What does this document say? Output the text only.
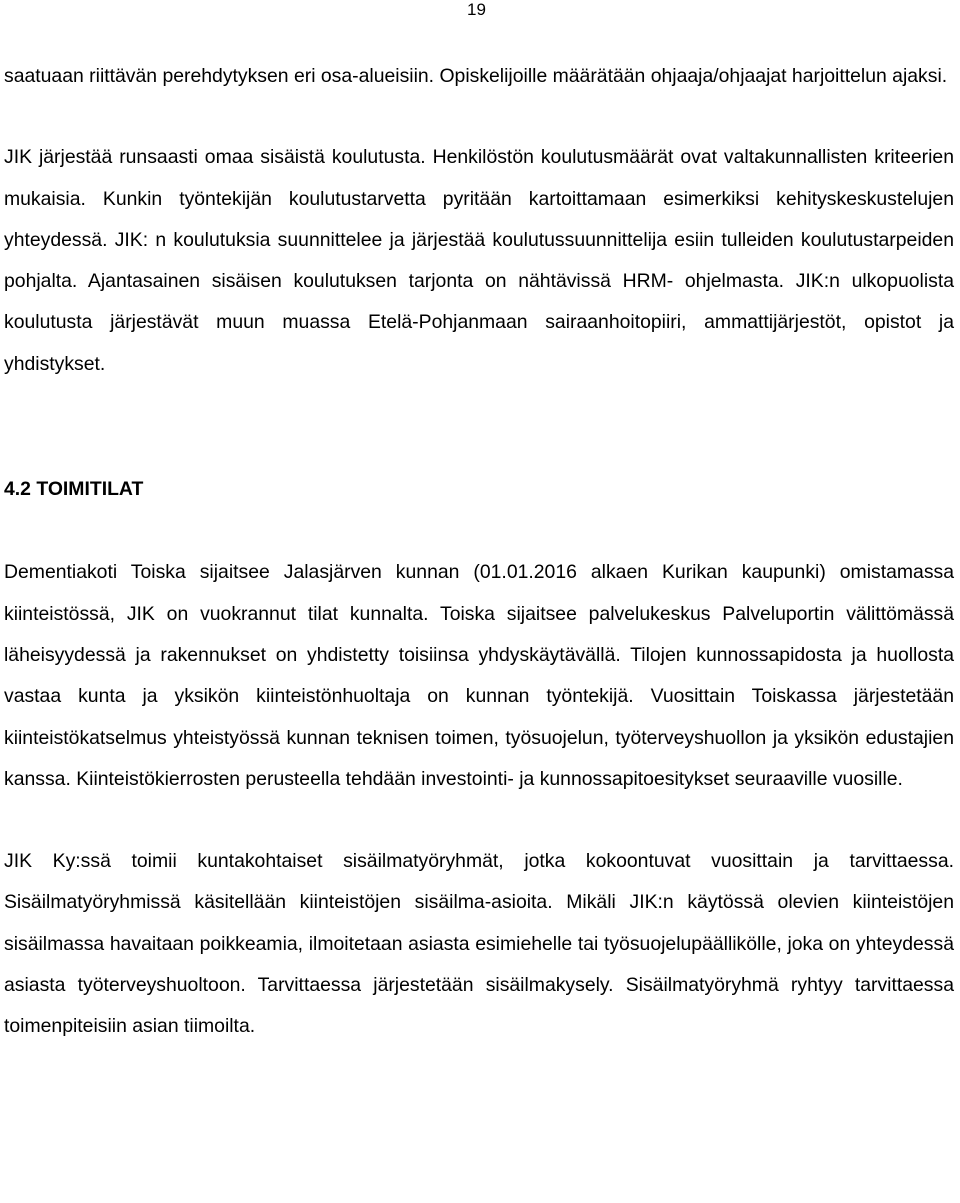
19

saatuaan riittävän perehdytyksen eri osa-alueisiin. Opiskelijoille määrätään ohjaaja/ohjaajat harjoittelun ajaksi.

JIK järjestää runsaasti omaa sisäistä koulutusta. Henkilöstön koulutusmäärät ovat valtakunnallisten kriteerien mukaisia. Kunkin työntekijän koulutustarvetta pyritään kartoittamaan esimerkiksi kehityskeskustelujen yhteydessä. JIK: n koulutuksia suunnittelee ja järjestää koulutussuunnittelija esiin tulleiden koulutustarpeiden pohjalta. Ajantasainen sisäisen koulutuksen tarjonta on nähtävissä HRM- ohjelmasta. JIK:n ulkopuolista koulutusta järjestävät muun muassa Etelä-Pohjanmaan sairaanhoitopiiri, ammattijärjestöt, opistot ja yhdistykset.

4.2 TOIMITILAT

Dementiakoti Toiska sijaitsee Jalasjärven kunnan (01.01.2016 alkaen Kurikan kaupunki) omistamassa kiinteistössä, JIK on vuokrannut tilat kunnalta. Toiska sijaitsee palvelukeskus Palveluportin välittömässä läheisyydessä ja rakennukset on yhdistetty toisiinsa yhdyskäytävällä. Tilojen kunnossapidosta ja huollosta vastaa kunta ja yksikön kiinteistönhuoltaja on kunnan työntekijä. Vuosittain Toiskassa järjestetään kiinteistökatselmus yhteistyössä kunnan teknisen toimen, työsuojelun, työterveyshuollon ja yksikön edustajien kanssa. Kiinteistökierrosten perusteella tehdään investointi- ja kunnossapitoesitykset seuraaville vuosille.

JIK Ky:ssä toimii kuntakohtaiset sisäilmatyöryhmät, jotka kokoontuvat vuosittain ja tarvittaessa. Sisäilmatyöryhmissä käsitellään kiinteistöjen sisäilma-asioita. Mikäli JIK:n käytössä olevien kiinteistöjen sisäilmassa havaitaan poikkeamia, ilmoitetaan asiasta esimiehelle tai työsuojelupäällikölle, joka on yhteydessä asiasta työterveyshuoltoon. Tarvittaessa järjestetään sisäilmakysely. Sisäilmatyöryhmä ryhtyy tarvittaessa toimenpiteisiin asian tiimoilta.
